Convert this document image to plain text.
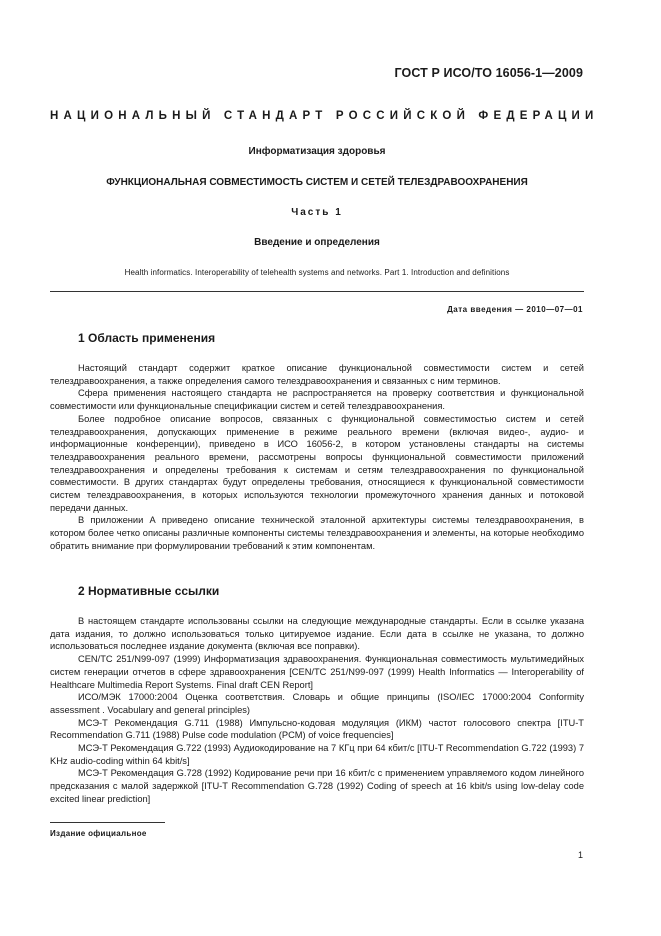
ГОСТ Р ИСО/ТО 16056-1—2009
НАЦИОНАЛЬНЫЙ СТАНДАРТ РОССИЙСКОЙ ФЕДЕРАЦИИ
Информатизация здоровья
ФУНКЦИОНАЛЬНАЯ СОВМЕСТИМОСТЬ СИСТЕМ И СЕТЕЙ ТЕЛЕЗДРАВООХРАНЕНИЯ
Часть 1
Введение и определения
Health informatics. Interoperability of telehealth systems and networks. Part 1. Introduction and definitions
Дата введения — 2010—07—01
1 Область применения

Настоящий стандарт содержит краткое описание функциональной совместимости систем и сетей телездравоохранения, а также определения самого телездравоохранения и связанных с ним терминов.

Сфера применения настоящего стандарта не распространяется на проверку соответствия и функциональной совместимости или функциональные спецификации систем и сетей телездравоохранения.

Более подробное описание вопросов, связанных с функциональной совместимостью систем и сетей телездравоохранения, допускающих применение в режиме реального времени (включая видео-, аудио- и информационные конференции), приведено в ИСО 16056-2, в котором установлены стандарты на системы телездравоохранения реального времени, рассмотрены вопросы функциональной совместимости приложений телездравоохранения и определены требования к системам и сетям телездравоохранения по функциональной совместимости. В других стандартах будут определены требования, относящиеся к функциональной совместимости систем телездравоохранения, в которых используются технологии промежуточного хранения данных и потоковой передачи данных.

В приложении А приведено описание технической эталонной архитектуры системы телездравоохранения, в котором более четко описаны различные компоненты системы телездравоохранения и элементы, на которые необходимо обратить внимание при формулировании требований к этим компонентам.

2 Нормативные ссылки

В настоящем стандарте использованы ссылки на следующие международные стандарты. Если в ссылке указана дата издания, то должно использоваться только цитируемое издание. Если дата в ссылке не указана, то должно использоваться последнее издание документа (включая все поправки).

CEN/TC 251/N99-097 (1999) Информатизация здравоохранения. Функциональная совместимость мультимедийных систем генерации отчетов в сфере здравоохранения [CEN/TC 251/N99-097 (1999) Health Informatics — Interoperability of Healthcare Multimedia Report Systems. Final draft CEN Report]

ИСО/МЭК 17000:2004 Оценка соответствия. Словарь и общие принципы (ISO/IEC 17000:2004 Conformity assessment . Vocabulary and general principles)

МСЭ-Т Рекомендация G.711 (1988) Импульсно-кодовая модуляция (ИКМ) частот голосового спектра [ITU-T Recommendation G.711 (1988) Pulse code modulation (PCM) of voice frequencies]

МСЭ-Т Рекомендация G.722 (1993) Аудиокодирование на 7 КГц при 64 кбит/с [ITU-T Recommendation G.722 (1993) 7 KHz audio-coding within 64 kbit/s]

МСЭ-Т Рекомендация G.728 (1992) Кодирование речи при 16 кбит/с с применением управляемого кодом линейного предсказания с малой задержкой [ITU-T Recommendation G.728 (1992) Coding of speech at 16 kbit/s using low-delay code excited linear prediction]

Издание официальное
1
